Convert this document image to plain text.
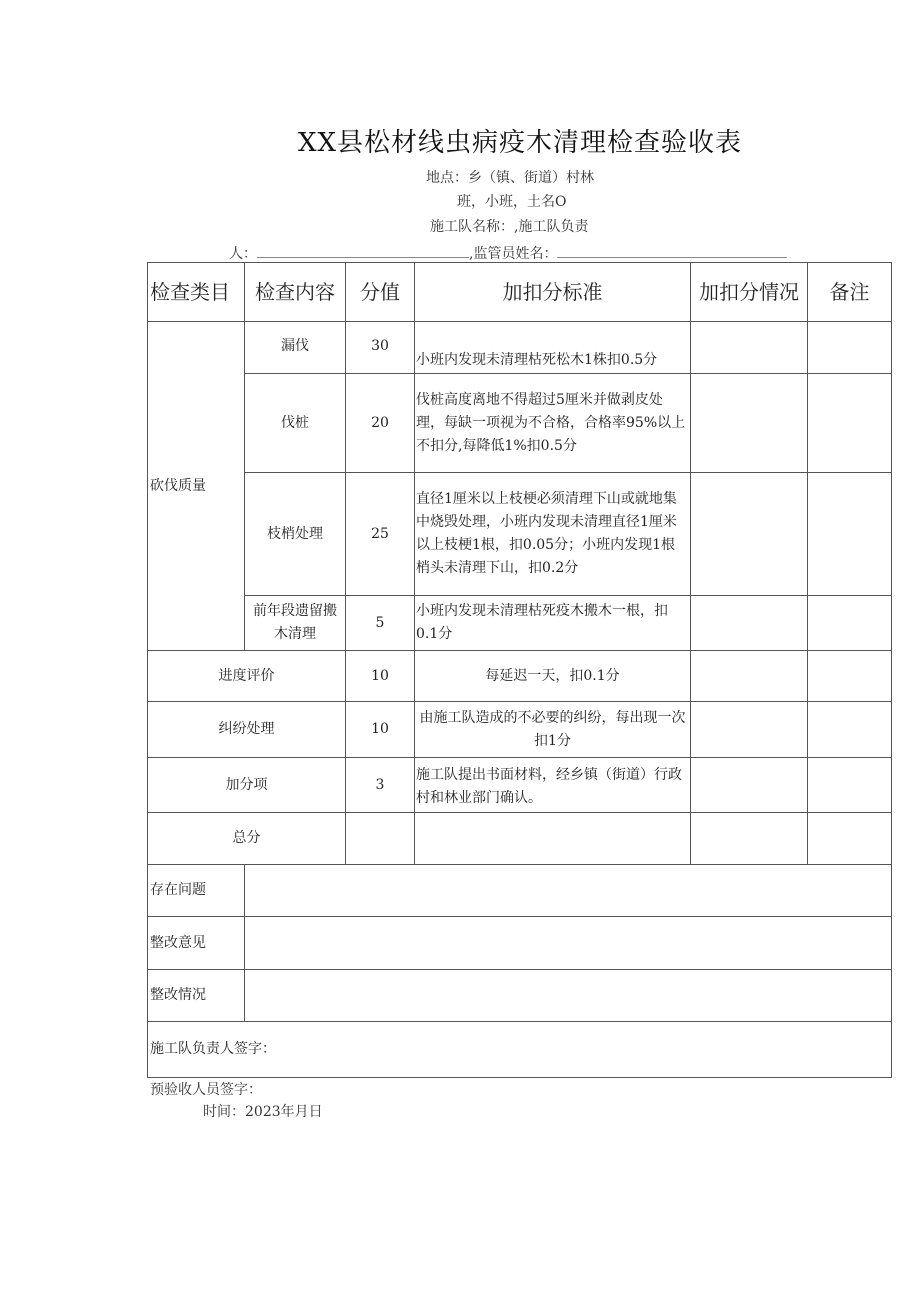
XX县松材线虫病疫木清理检查验收表
地点：乡（镇、街道）村林
班，小班，土名O
施工队名称：,施工队负责
人：	,监管员姓名：
检查类目	检查内容	分值	加扣分标准	加扣分情况	备注
砍伐质量	漏伐	30	小班内发现未清理枯死松木1株扣0.5分		
	伐桩	20	伐桩高度离地不得超过5厘米并做剥皮处理，每缺一项视为不合格，合格率95%以上不扣分,每降低1%扣0.5分		
	枝梢处理	25	直径1厘米以上枝梗必须清理下山或就地集中烧毁处理，小班内发现未清理直径1厘米以上枝梗1根，扣0.05分；小班内发现1根梢头未清理下山，扣0.2分		
	前年段遗留搬木清理	5	小班内发现未清理枯死疫木搬木一根，扣0.1分		
进度评价		10	每延迟一天，扣0.1分		
纠纷处理		10	由施工队造成的不必要的纠纷，每出现一次扣1分		
加分项		3	施工队提出书面材料，经乡镇（街道）行政村和林业部门确认。		
总分					
存在问题					
整改意见					
整改情况					
施工队负责人签字：					
预验收人员签字：
时间：2023年月日
